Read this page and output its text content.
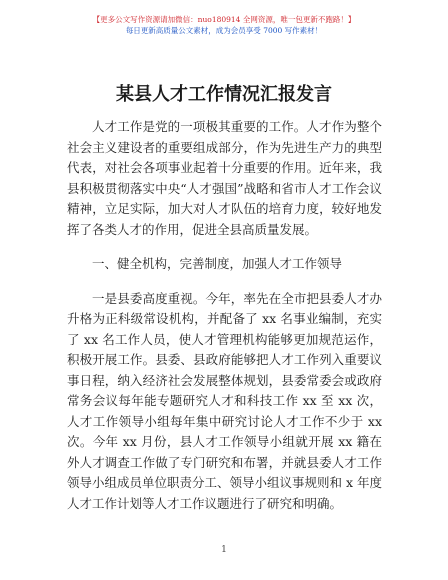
【更多公文写作资源请加微信：nuo180914 全网资源，唯一包更新不跑路！】
每日更新高质量公文素材，成为会员享受 7000 写作素材！
某县人才工作情况汇报发言

人才工作是党的一项极其重要的工作。人才作为整个社会主义建设者的重要组成部分，作为先进生产力的典型代表，对社会各项事业起着十分重要的作用。近年来，我县积极贯彻落实中央“人才强国”战略和省市人才工作会议精神，立足实际，加大对人才队伍的培育力度，较好地发挥了各类人才的作用，促进全县高质量发展。

一、健全机构，完善制度，加强人才工作领导

一是县委高度重视。今年，率先在全市把县委人才办升格为正科级常设机构，并配备了 xx 名事业编制，充实了 xx 名工作人员，使人才管理机构能够更加规范运作，积极开展工作。县委、县政府能够把人才工作列入重要议事日程，纳入经济社会发展整体规划，县委常委会或政府常务会议每年能专题研究人才和科技工作 xx 至 xx 次，人才工作领导小组每年集中研究讨论人才工作不少于 xx 次。今年 xx 月份，县人才工作领导小组就开展 xx 籍在外人才调查工作做了专门研究和布署，并就县委人才工作领导小组成员单位职责分工、领导小组议事规则和 x 年度人才工作计划等人才工作议题进行了研究和明确。

1
